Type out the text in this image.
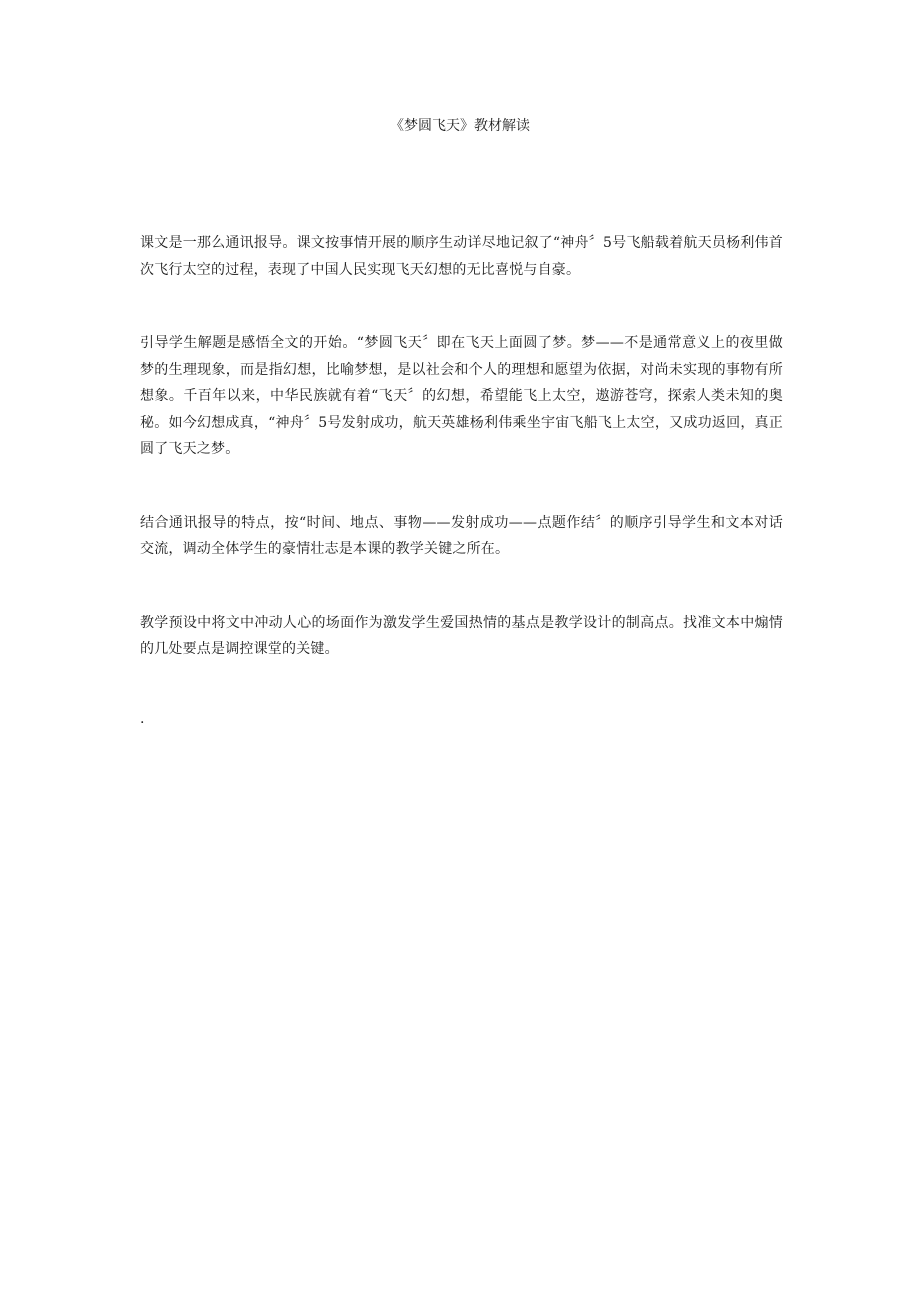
《梦圆飞天》教材解读

课文是一那么通讯报导。课文按事情开展的顺序生动详尽地记叙了“神舟〞5号飞船载着航天员杨利伟首次飞行太空的过程，表现了中国人民实现飞天幻想的无比喜悦与自豪。

引导学生解题是感悟全文的开始。“梦圆飞天〞即在飞天上面圆了梦。梦——不是通常意义上的夜里做梦的生理现象，而是指幻想，比喻梦想，是以社会和个人的理想和愿望为依据，对尚未实现的事物有所想象。千百年以来，中华民族就有着“飞天〞的幻想，希望能飞上太空，遨游苍穹，探索人类未知的奥秘。如今幻想成真，“神舟〞5号发射成功，航天英雄杨利伟乘坐宇宙飞船飞上太空，又成功返回，真正圆了飞天之梦。

结合通讯报导的特点，按“时间、地点、事物——发射成功——点题作结〞的顺序引导学生和文本对话交流，调动全体学生的豪情壮志是本课的教学关键之所在。

教学预设中将文中冲动人心的场面作为激发学生爱国热情的基点是教学设计的制高点。找准文本中煽情的几处要点是调控课堂的关键。

.
